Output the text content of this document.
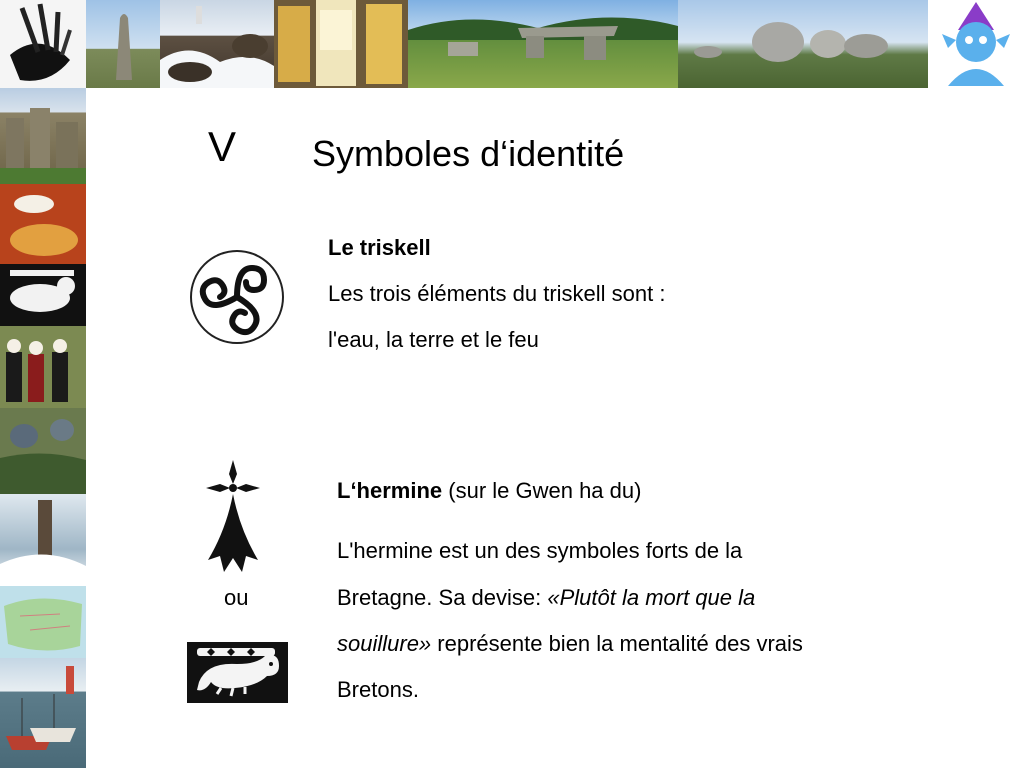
V Symboles d‘identité
Le triskell
Les trois éléments du triskell sont :
l'eau, la terre et le feu
ou
L‘hermine (sur le Gwen ha du)
L'hermine est un des symboles forts de la
Bretagne. Sa devise: «Plutôt la mort que la
souillure» représente bien la mentalité des vrais
Bretons.
